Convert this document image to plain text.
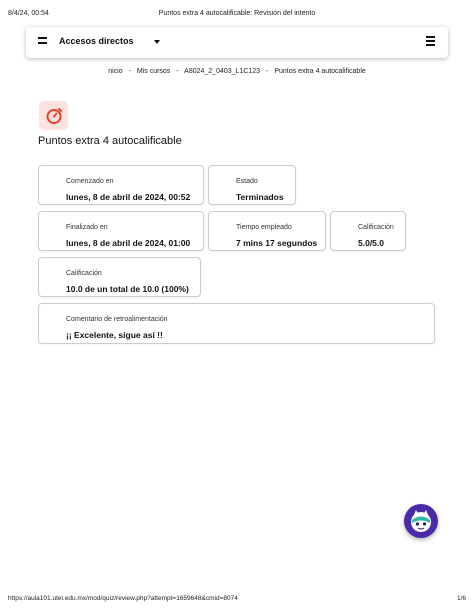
8/4/24, 00:54	Puntos extra 4 autocalificable: Revisión del intento
Accesos directos
nicio - Mis cursos - A8024_2_0403_L1C123 - Puntos extra 4 autocalificable
Puntos extra 4 autocalificable
Comenzado en
lunes, 8 de abril de 2024, 00:52
Estado
Terminados
Finalizado en
lunes, 8 de abril de 2024, 01:00
Tiempo empleado
7 mins 17 segundos
Calificación
5.0/5.0
Calificación
10.0 de un total de 10.0 (100%)
Comentario de retroalimentación
¡¡ Excelente, sigue así !!
https://aula101.utel.edu.mx/mod/quiz/review.php?attempt=1659648&cmid=8074	1/6
